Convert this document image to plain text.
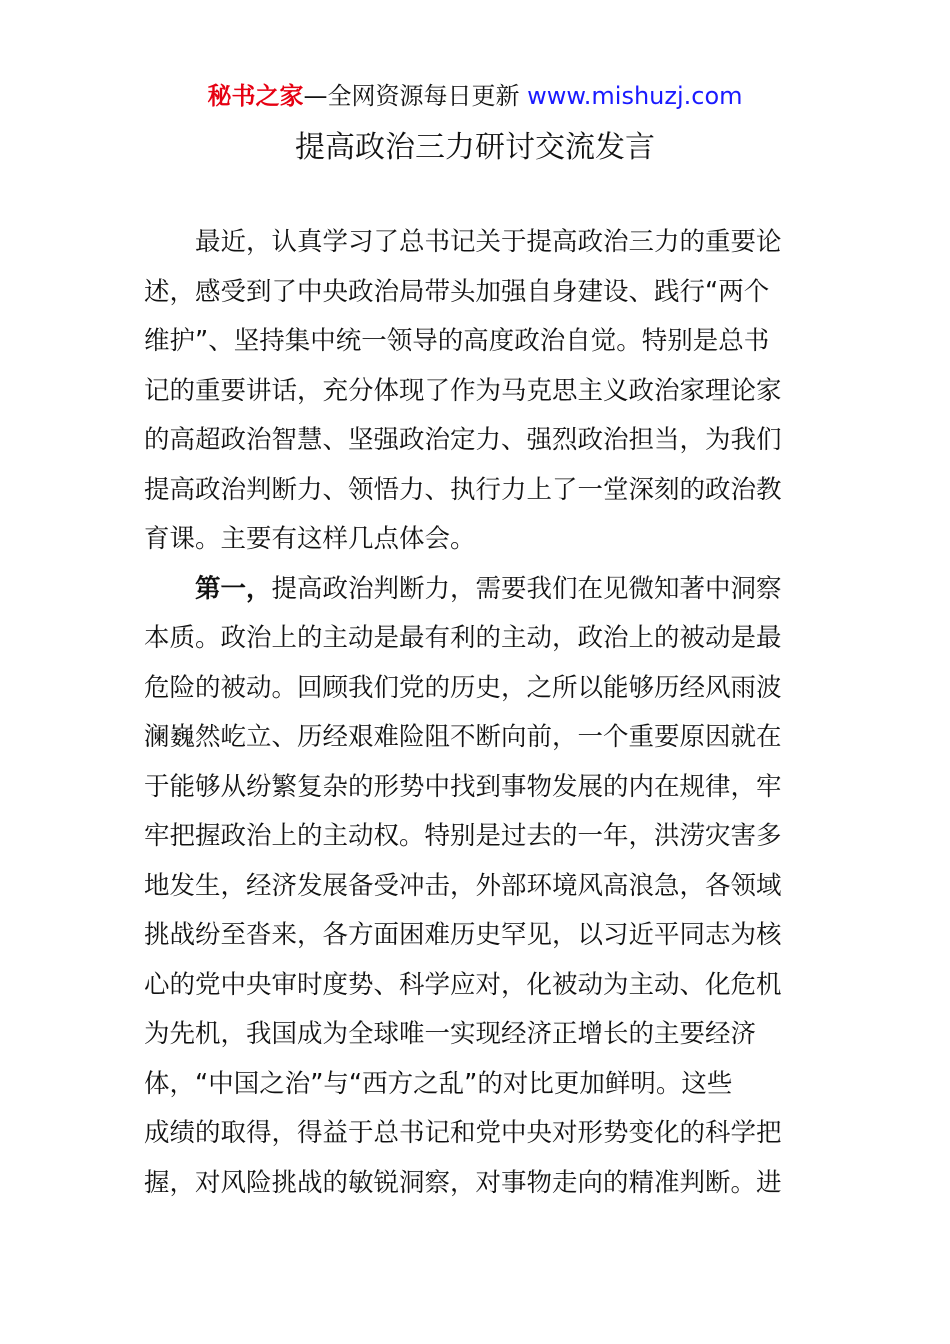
秘书之家—全网资源每日更新 www.mishuzj.com
提高政治三力研讨交流发言
最近，认真学习了总书记关于提高政治三力的重要论
述，感受到了中央政治局带头加强自身建设、践行“两个
维护”、坚持集中统一领导的高度政治自觉。特别是总书
记的重要讲话，充分体现了作为马克思主义政治家理论家
的高超政治智慧、坚强政治定力、强烈政治担当，为我们
提高政治判断力、领悟力、执行力上了一堂深刻的政治教
育课。主要有这样几点体会。
第一，提高政治判断力，需要我们在见微知著中洞察
本质。政治上的主动是最有利的主动，政治上的被动是最
危险的被动。回顾我们党的历史，之所以能够历经风雨波
澜巍然屹立、历经艰难险阻不断向前，一个重要原因就在
于能够从纷繁复杂的形势中找到事物发展的内在规律，牢
牢把握政治上的主动权。特别是过去的一年，洪涝灾害多
地发生，经济发展备受冲击，外部环境风高浪急，各领域
挑战纷至沓来，各方面困难历史罕见，以习近平同志为核
心的党中央审时度势、科学应对，化被动为主动、化危机
为先机，我国成为全球唯一实现经济正增长的主要经济
体，“中国之治”与“西方之乱”的对比更加鲜明。这些
成绩的取得，得益于总书记和党中央对形势变化的科学把
握，对风险挑战的敏锐洞察，对事物走向的精准判断。进
